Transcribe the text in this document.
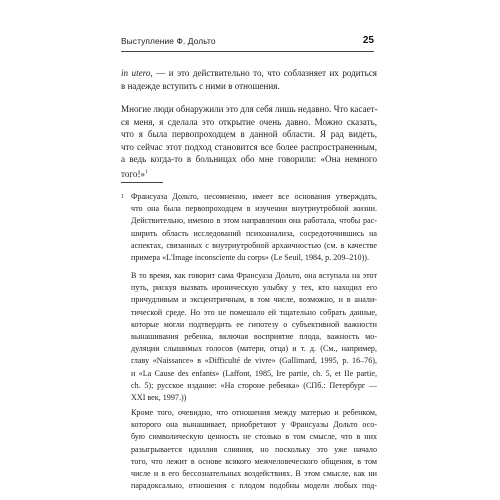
Выступление Ф. Дольто	25
in utero, — и это действительно то, что соблазняет их родиться
в надежде вступить с ними в отношения.
Многие люди обнаружили это для себя лишь недавно. Что касает-
ся меня, я сделала это открытие очень давно. Можно сказать,
что я была первопроходцем в данной области. Я рад видеть,
что сейчас этот подход становится все более распространенным,
а ведь когда-то в больницах обо мне говорили: «Она немного
того!»$^1$
1 Франсуаза Дольто, несомненно, имеет все основания утверждать,
что она была первопроходцем в изучении внутриутробной жизни.
Действительно, именно в этом направлении она работала, чтобы рас-
ширить область исследований психоанализа, сосредоточившись на
аспектах, связанных с внутриутробной архаичностью (см. в качестве
примера «L'Image inconsciente du corps» (Le Seuil, 1984, p. 209–210)).
В то время, как говорит сама Франсуаза Дольто, она вступала на этот
путь, рискуя вызвать ироническую улыбку у тех, кто находил его
причудливым и эксцентричным, в том числе, возможно, и в анали-
тической среде. Но это не помешало ей тщательно собрать данные,
которые могли подтвердить ее гипотезу о субъективной важности
вынашивания ребенка, включая восприятие плода, важность мо-
дуляции слышимых голосов (матери, отца) и т. д. (См., например,
главу «Naissance» в «Difficulté de vivre» (Gallimard, 1995, p. 16–76),
и «La Cause des enfants» (Laffont, 1985, Ire partie, ch. 5, et IIe partie,
ch. 5); русское издание: «На стороне ребенка» (СПб.: Петербург —
XXI век, 1997.))
Кроме того, очевидно, что отношения между матерью и ребенком,
которого она вынашивает, приобретают у Франсуазы Дольто осо-
бую символическую ценность не столько в том смысле, что в них
разыгрывается идиллия слияния, но поскольку это уже начало
того, что лежит в основе всякого межчеловеческого общения, в том
числе и в его бессознательных воздействиях. В этом смысле, как ни
парадоксально, отношения с плодом подобны модели любых под-
